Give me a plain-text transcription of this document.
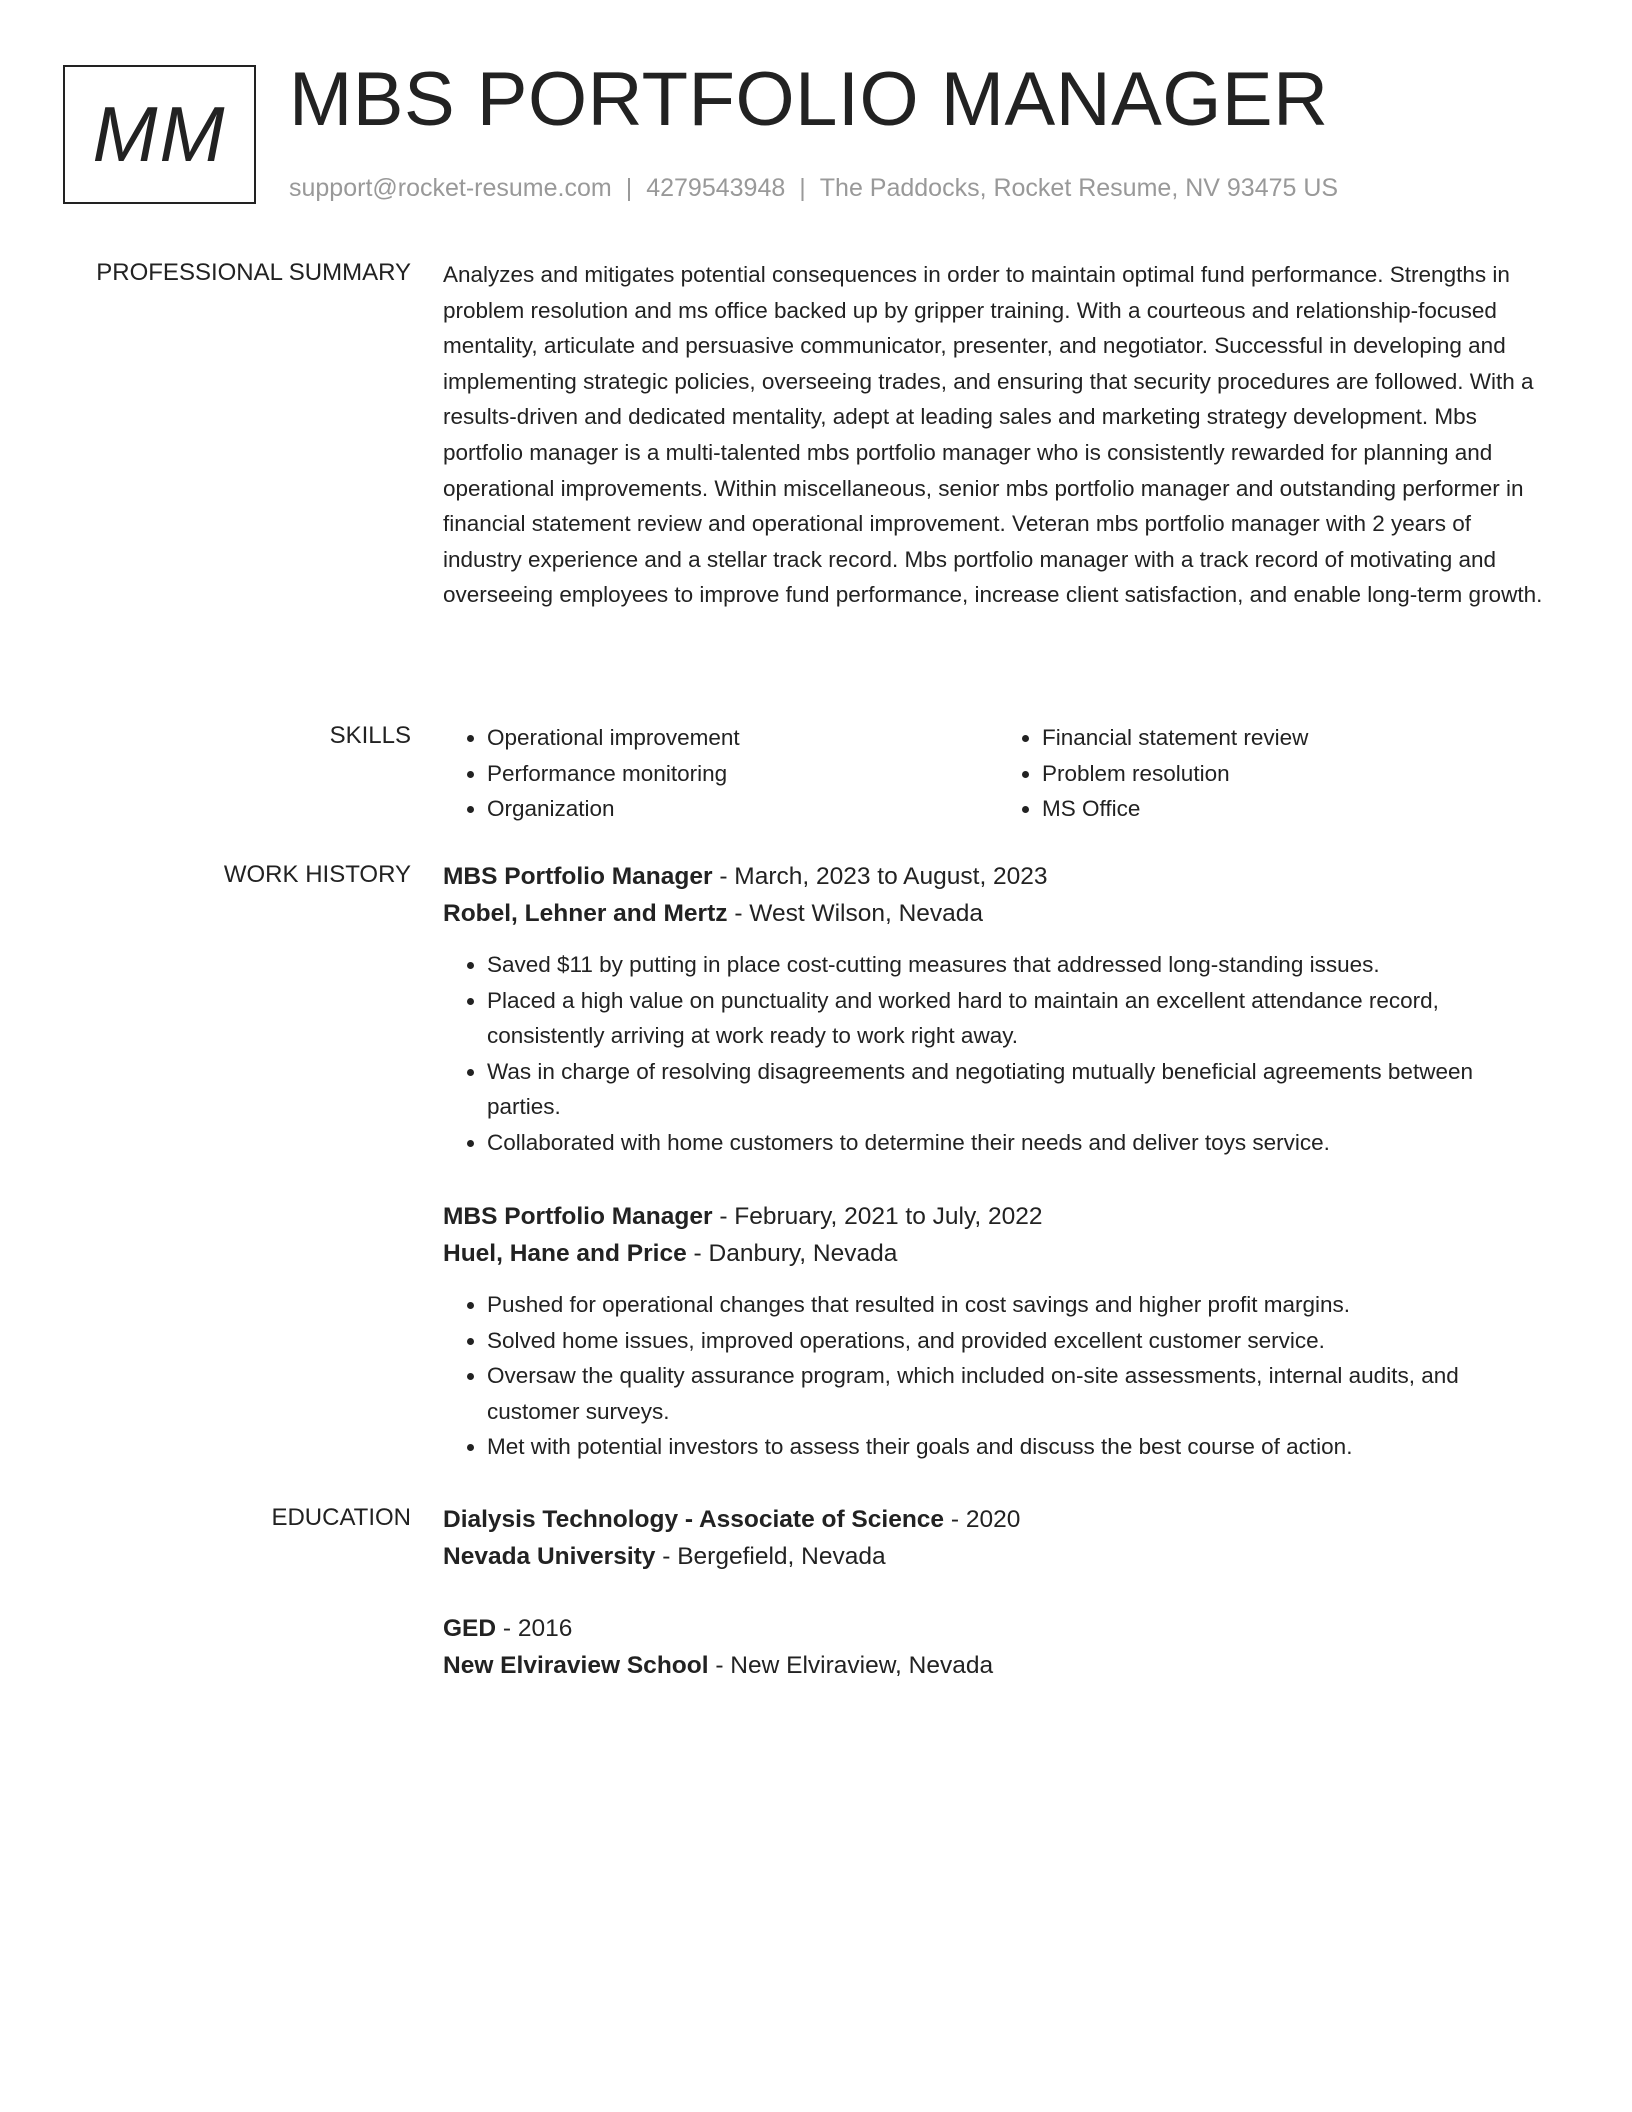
MM MBS PORTFOLIO MANAGER
support@rocket-resume.com | 4279543948 | The Paddocks, Rocket Resume, NV 93475 US
PROFESSIONAL SUMMARY Analyzes and mitigates potential consequences in order to maintain optimal fund performance. Strengths in problem resolution and ms office backed up by gripper training. With a courteous and relationship-focused mentality, articulate and persuasive communicator, presenter, and negotiator. Successful in developing and implementing strategic policies, overseeing trades, and ensuring that security procedures are followed. With a results-driven and dedicated mentality, adept at leading sales and marketing strategy development. Mbs portfolio manager is a multi-talented mbs portfolio manager who is consistently rewarded for planning and operational improvements. Within miscellaneous, senior mbs portfolio manager and outstanding performer in financial statement review and operational improvement. Veteran mbs portfolio manager with 2 years of industry experience and a stellar track record. Mbs portfolio manager with a track record of motivating and overseeing employees to improve fund performance, increase client satisfaction, and enable long-term growth.

SKILLS
•	Operational improvement
• Performance monitoring
• Organization
• Financial statement review
• Problem resolution
• MS Office
WORK HISTORY MBS Portfolio Manager - March, 2023 to August, 2023
Robel, Lehner and Mertz - West Wilson, Nevada
• Saved $11 by putting in place cost-cutting measures that addressed long-standing issues.
• Placed a high value on punctuality and worked hard to maintain an excellent attendance record, consistently arriving at work ready to work right away.
• Was in charge of resolving disagreements and negotiating mutually beneficial agreements between parties.
• Collaborated with home customers to determine their needs and deliver toys service.
MBS Portfolio Manager - February, 2021 to July, 2022
Huel, Hane and Price - Danbury, Nevada
• Pushed for operational changes that resulted in cost savings and higher profit margins.
• Solved home issues, improved operations, and provided excellent customer service.
• Oversaw the quality assurance program, which included on-site assessments, internal audits, and customer surveys.
• Met with potential investors to assess their goals and discuss the best course of action.
EDUCATION Dialysis Technology - Associate of Science - 2020
Nevada University - Bergefield, Nevada
GED - 2016
New Elviraview School - New Elviraview, Nevada
